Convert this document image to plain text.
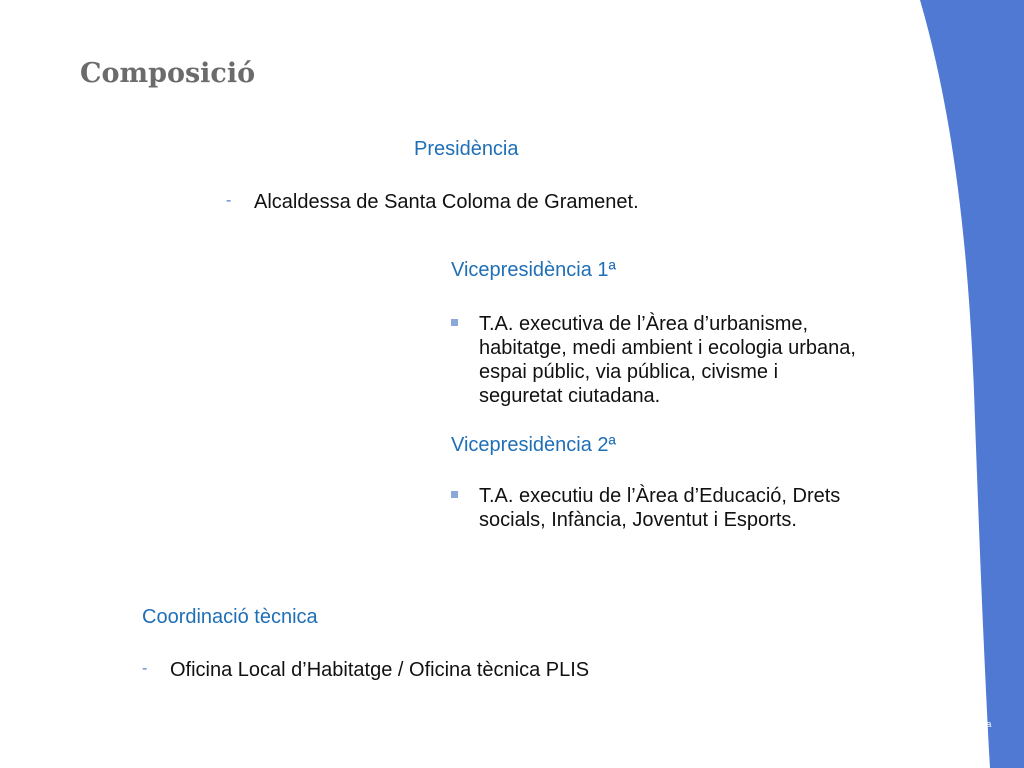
Composició
Presidència
- Alcaldessa de Santa Coloma de Gramenet.
Vicepresidència 1ª
T.A. executiva de l’Àrea d’urbanisme,
habitatge, medi ambient i ecologia urbana,
espai públic, via pública, civisme i
seguretat ciutadana.
Vicepresidència 2ª
T.A. executiu de l’Àrea d’Educació, Drets
socials, Infància, Joventut i Esports.
Coordinació tècnica
- Oficina Local d’Habitatge / Oficina tècnica PLIS
Ajuntament
de Santa Coloma
de Gramenet
